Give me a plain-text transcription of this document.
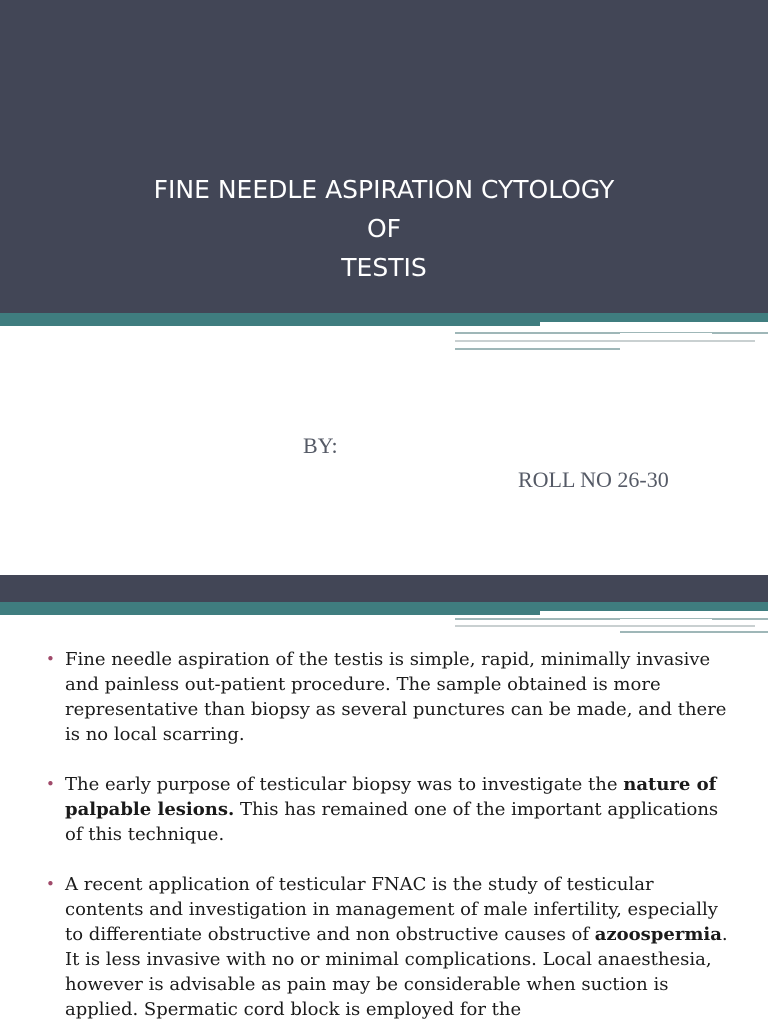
FINE NEEDLE ASPIRATION CYTOLOGY
OF
TESTIS
BY:
ROLL NO 26-30
• Fine needle aspiration of the testis is simple, rapid, minimally invasive and painless out-patient procedure. The sample obtained is more representative than biopsy as several punctures can be made, and there is no local scarring.
• The early purpose of testicular biopsy was to investigate the nature of palpable lesions. This has remained one of the important applications of this technique.
• A recent application of testicular FNAC is the study of testicular contents and investigation in management of male infertility, especially to differentiate obstructive and non obstructive causes of azoospermia. It is less invasive with no or minimal complications. Local anaesthesia, however is advisable as pain may be considerable when suction is applied. Spermatic cord block is employed for the
